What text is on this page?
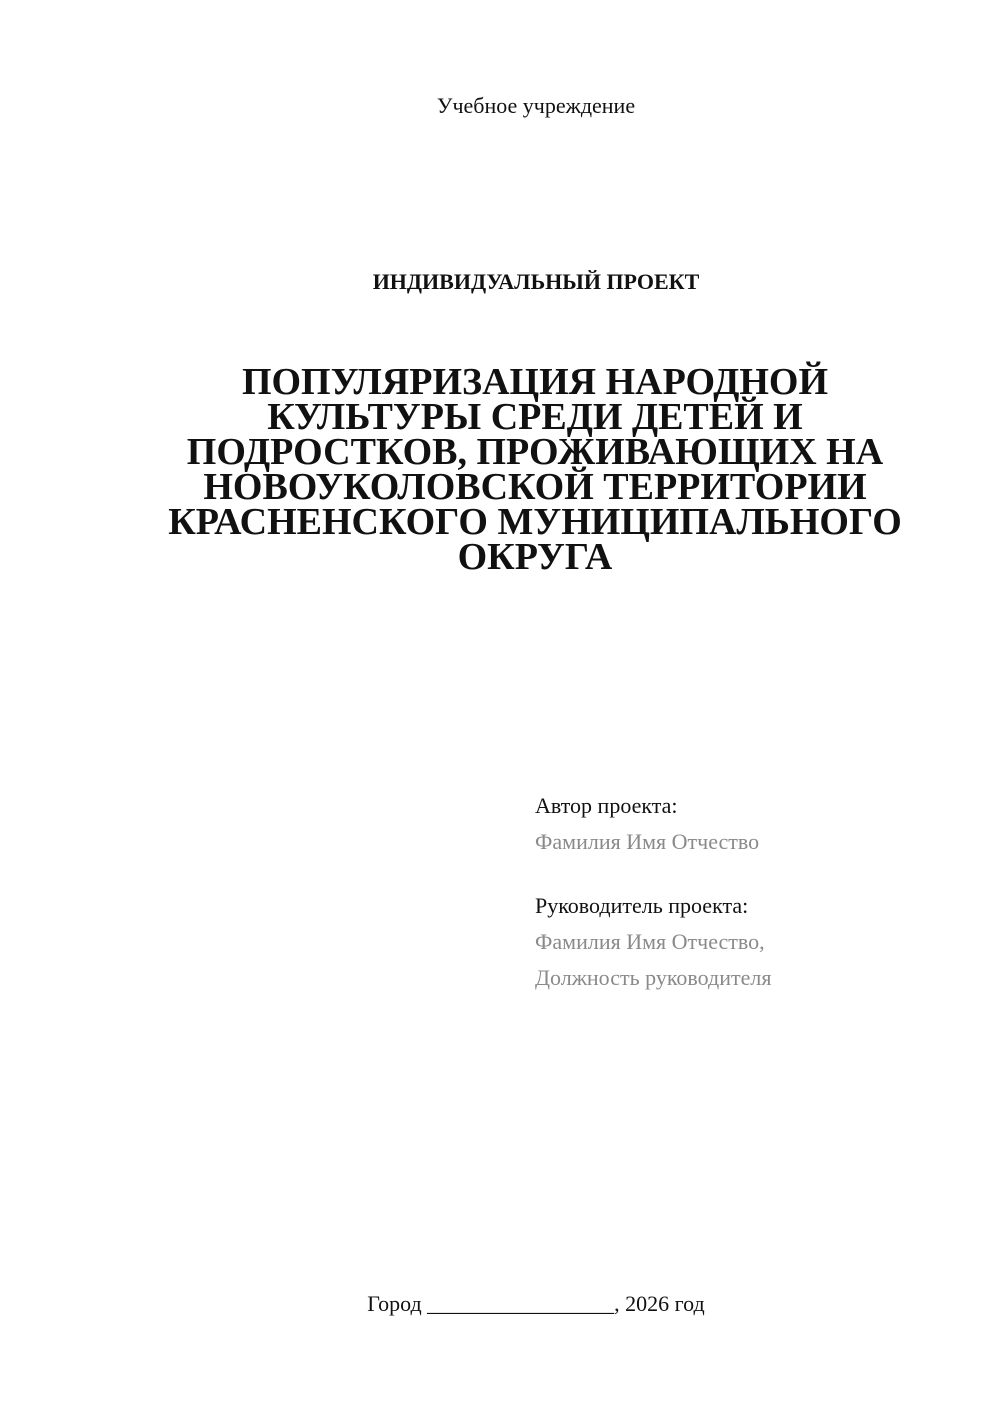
Учебное учреждение
ИНДИВИДУАЛЬНЫЙ ПРОЕКТ
ПОПУЛЯРИЗАЦИЯ НАРОДНОЙ
КУЛЬТУРЫ СРЕДИ ДЕТЕЙ И
ПОДРОСТКОВ, ПРОЖИВАЮЩИХ НА
НОВОУКОЛОВСКОЙ ТЕРРИТОРИИ
КРАСНЕНСКОГО МУНИЦИПАЛЬНОГО
ОКРУГА
Автор проекта:
Фамилия Имя Отчество
Руководитель проекта:
Фамилия Имя Отчество,
Должность руководителя
Город _________________, 2026 год
